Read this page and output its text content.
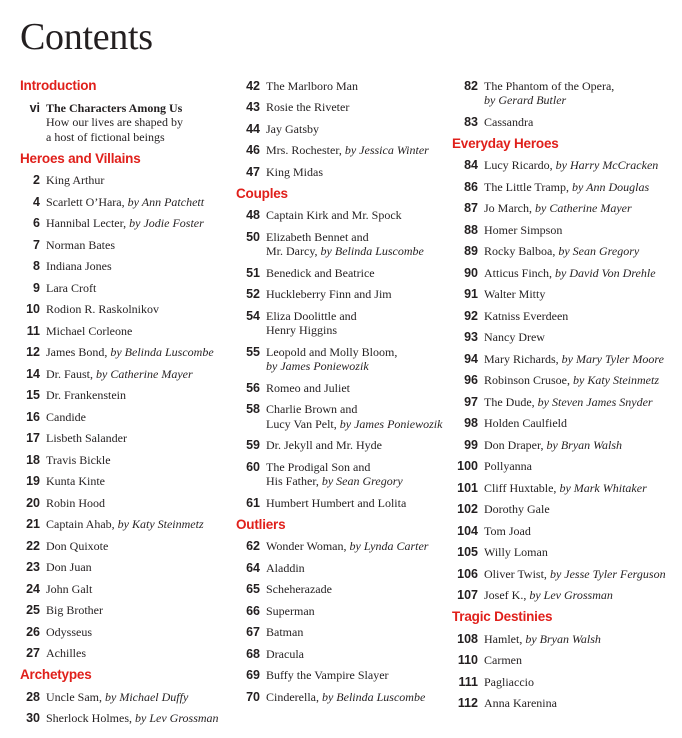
Contents
Introduction
vi The Characters Among Us
How our lives are shaped by
a host of fictional beings
Heroes and Villains
2 King Arthur
4 Scarlett O’Hara, by Ann Patchett
6 Hannibal Lecter, by Jodie Foster
7 Norman Bates
8 Indiana Jones
9 Lara Croft
10 Rodion R. Raskolnikov
11 Michael Corleone
12 James Bond, by Belinda Luscombe
14 Dr. Faust, by Catherine Mayer
15 Dr. Frankenstein
16 Candide
17 Lisbeth Salander
18 Travis Bickle
19 Kunta Kinte
20 Robin Hood
21 Captain Ahab, by Katy Steinmetz
22 Don Quixote
23 Don Juan
24 John Galt
25 Big Brother
26 Odysseus
27 Achilles
Archetypes
28 Uncle Sam, by Michael Duffy
30 Sherlock Holmes, by Lev Grossman
42 The Marlboro Man
43 Rosie the Riveter
44 Jay Gatsby
46 Mrs. Rochester, by Jessica Winter
47 King Midas
Couples
48 Captain Kirk and Mr. Spock
50 Elizabeth Bennet and
Mr. Darcy, by Belinda Luscombe
51 Benedick and Beatrice
52 Huckleberry Finn and Jim
54 Eliza Doolittle and
Henry Higgins
55 Leopold and Molly Bloom,
by James Poniewozik
56 Romeo and Juliet
58 Charlie Brown and
Lucy Van Pelt, by James Poniewozik
59 Dr. Jekyll and Mr. Hyde
60 The Prodigal Son and
His Father, by Sean Gregory
61 Humbert Humbert and Lolita
Outliers
62 Wonder Woman, by Lynda Carter
64 Aladdin
65 Scheherazade
66 Superman
67 Batman
68 Dracula
69 Buffy the Vampire Slayer
70 Cinderella, by Belinda Luscombe
82 The Phantom of the Opera,
by Gerard Butler
83 Cassandra
Everyday Heroes
84 Lucy Ricardo, by Harry McCracken
86 The Little Tramp, by Ann Douglas
87 Jo March, by Catherine Mayer
88 Homer Simpson
89 Rocky Balboa, by Sean Gregory
90 Atticus Finch, by David Von Drehle
91 Walter Mitty
92 Katniss Everdeen
93 Nancy Drew
94 Mary Richards, by Mary Tyler Moore
96 Robinson Crusoe, by Katy Steinmetz
97 The Dude, by Steven James Snyder
98 Holden Caulfield
99 Don Draper, by Bryan Walsh
100 Pollyanna
101 Cliff Huxtable, by Mark Whitaker
102 Dorothy Gale
104 Tom Joad
105 Willy Loman
106 Oliver Twist, by Jesse Tyler Ferguson
107 Josef K., by Lev Grossman
Tragic Destinies
108 Hamlet, by Bryan Walsh
110 Carmen
111 Pagliaccio
112 Anna Karenina
